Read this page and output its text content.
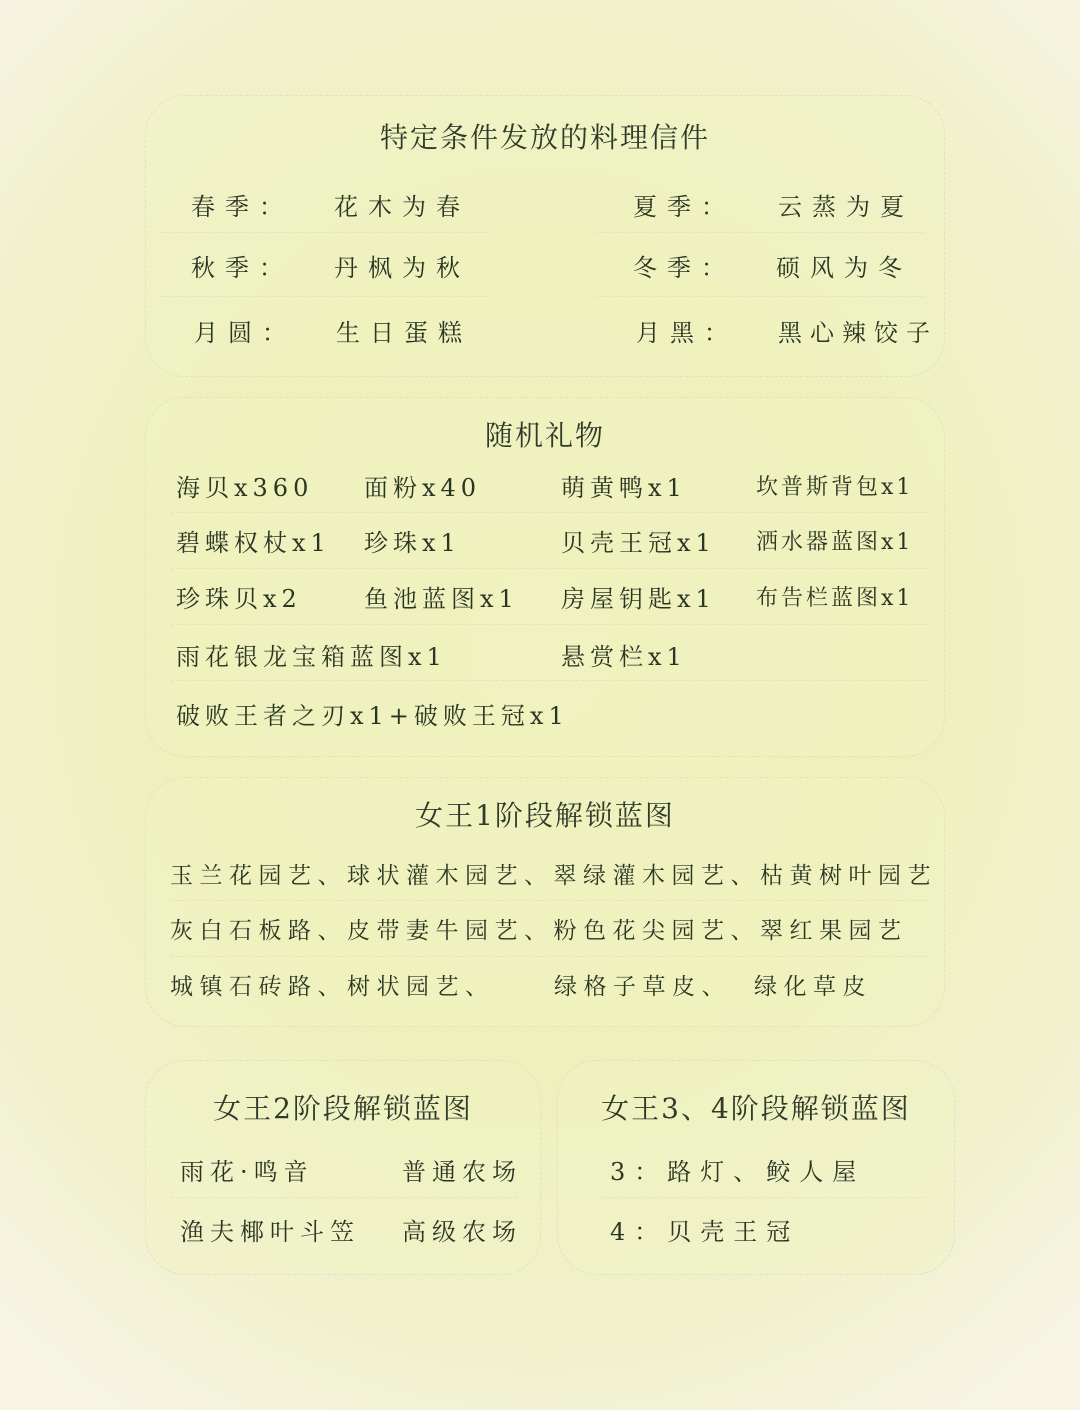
特定条件发放的料理信件
春季： 花木为春	夏季： 云蒸为夏
秋季： 丹枫为秋	冬季： 硕风为冬
月圆： 生日蛋糕	月黑： 黑心辣饺子
随机礼物
海贝x360 面粉x40	萌黄鸭x1	坎普斯背包x1
碧蝶权杖x1 珍珠x1	贝壳王冠x1 洒水器蓝图x1
珍珠贝x2	鱼池蓝图x1 房屋钥匙x1 布告栏蓝图x1
雨花银龙宝箱蓝图x1	悬赏栏x1
破败王者之刃x1+破败王冠x1
女王1阶段解锁蓝图
玉兰花园艺、球状灌木园艺、翠绿灌木园艺、枯黄树叶园艺
灰白石板路、皮带妻牛园艺、粉色花尖园艺、翠红果园艺
城镇石砖路、树状园艺、	绿格子草皮、 绿化草皮
女王2阶段解锁蓝图
雨花·鸣音	普通农场
渔夫椰叶斗笠 高级农场
女王3、4阶段解锁蓝图
3：路灯、鲛人屋
4：贝壳王冠
